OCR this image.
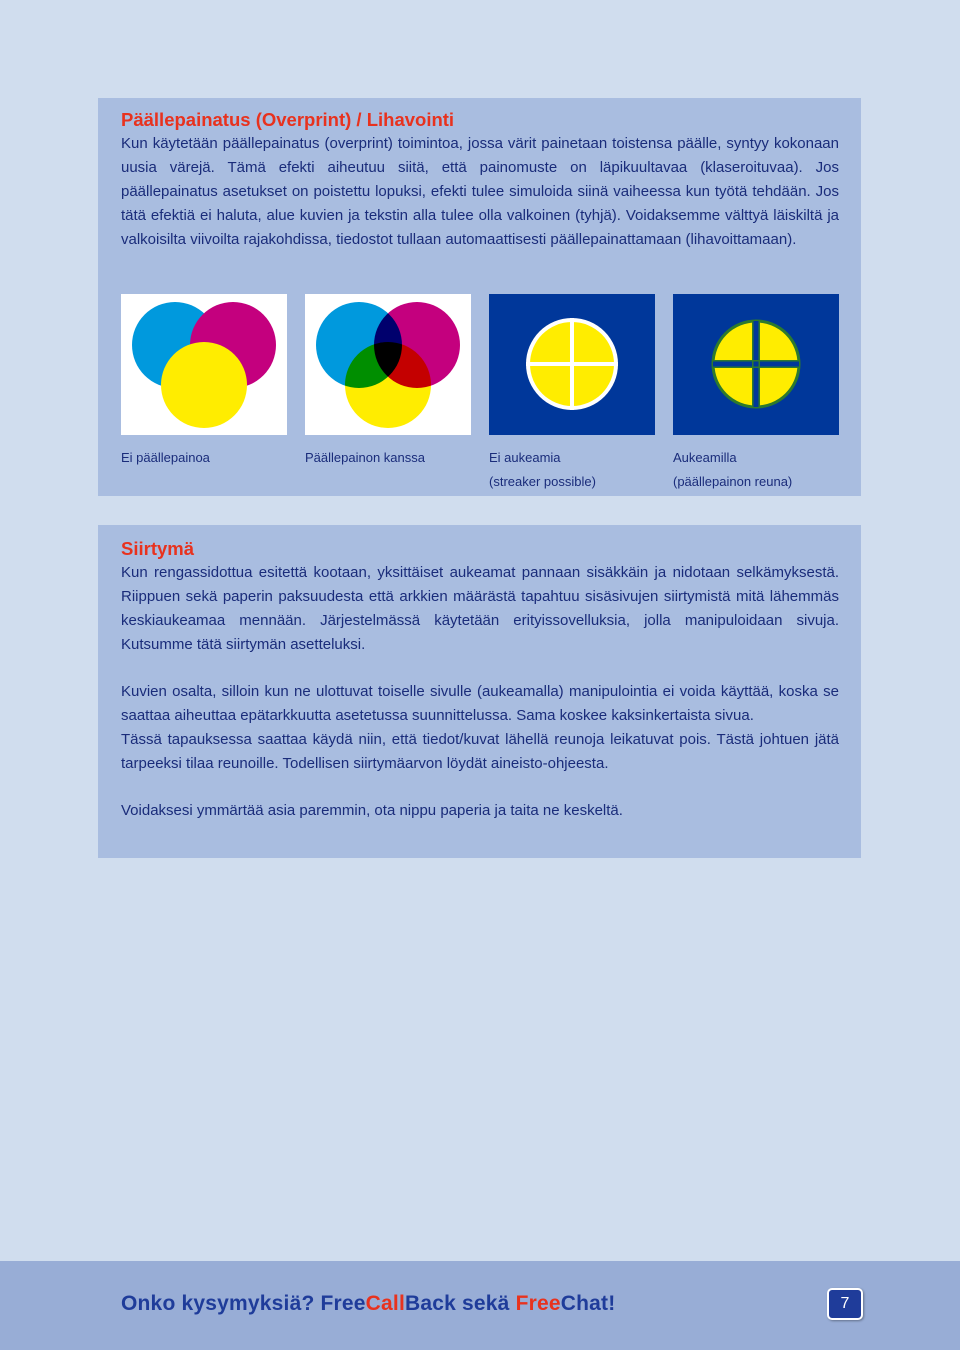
Päällepainatus (Overprint) / Lihavointi

Kun käytetään päällepainatus (overprint) toimintoa, jossa värit painetaan toistensa päälle, syntyy kokonaan uusia värejä. Tämä efekti aiheutuu siitä, että painomuste on läpikuultavaa (klaseroituvaa). Jos päällepainatus asetukset on poistettu lopuksi, efekti tulee simuloida siinä vaiheessa kun työtä tehdään. Jos tätä efektiä ei haluta, alue kuvien ja tekstin alla tulee olla valkoinen (tyhjä). Voidaksemme välttyä läiskiltä ja valkoisilta viivoilta rajakohdissa, tiedostot tullaan automaattisesti päällepainattamaan (lihavoittamaan).

Ei päällepainoa	Päällepainon kanssa	Ei aukeamia
(streaker possible)
Aukeamilla
(päällepainon reuna)
Siirtymä

Kun rengassidottua esitettä kootaan, yksittäiset aukeamat pannaan sisäkkäin ja nidotaan selkämyksestä. Riippuen sekä paperin paksuudesta että arkkien määrästä tapahtuu sisäsivujen siirtymistä mitä lähemmäs keskiaukeamaa mennään. Järjestelmässä käytetään erityissovelluksia, jolla manipuloidaan sivuja. Kutsumme tätä siirtymän asetteluksi.

Kuvien osalta, silloin kun ne ulottuvat toiselle sivulle (aukeamalla) manipulointia ei voida käyttää, koska se saattaa aiheuttaa epätarkkuutta asetetussa suunnittelussa. Sama koskee kaksinkertaista sivua.

Tässä tapauksessa saattaa käydä niin, että tiedot/kuvat lähellä reunoja leikatuvat pois. Tästä johtuen jätä tarpeeksi tilaa reunoille. Todellisen siirtymäarvon löydät aineisto-ohjeesta.

Voidaksesi ymmärtää asia paremmin, ota nippu paperia ja taita ne keskeltä.

Onko kysymyksiä? FreeCallBack sekä FreeChat!	7
